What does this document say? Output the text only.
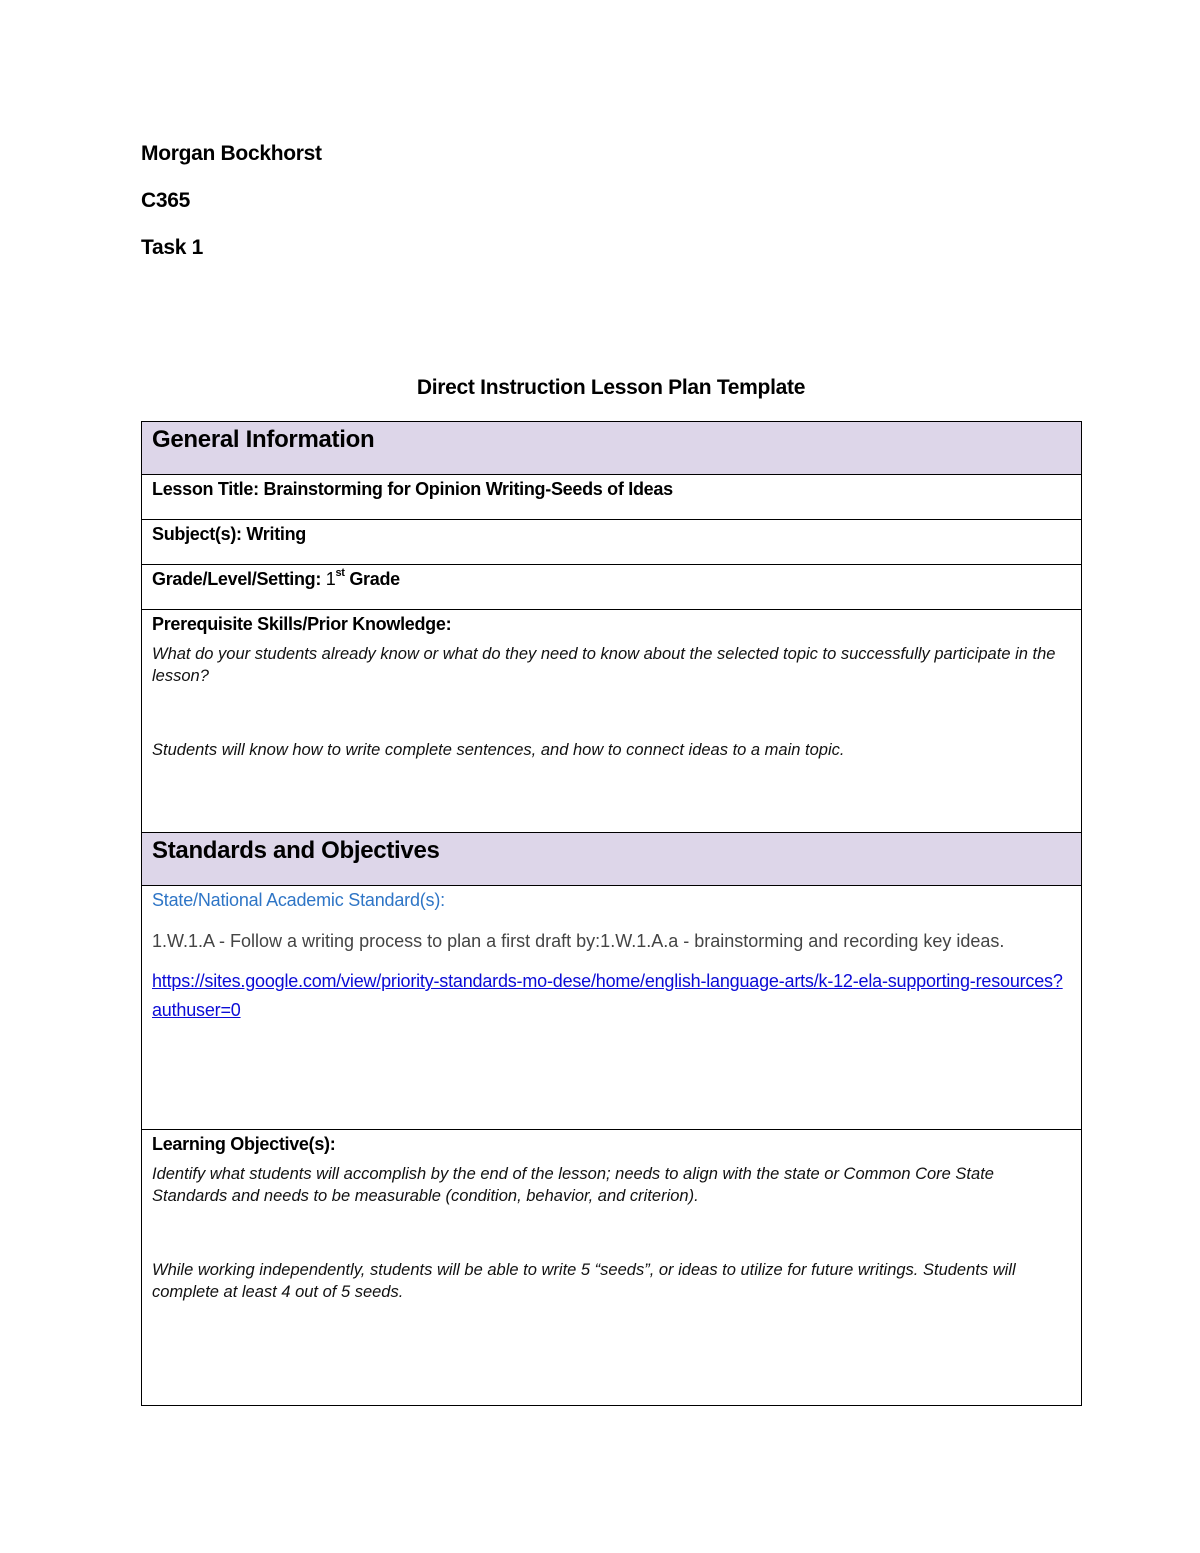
Morgan Bockhorst
C365
Task 1
Direct Instruction Lesson Plan Template
General Information

Lesson Title: Brainstorming for Opinion Writing-Seeds of Ideas

Subject(s): Writing

Grade/Level/Setting: 1st Grade

Prerequisite Skills/Prior Knowledge:
What do your students already know or what do they need to know about the selected topic to successfully participate in the lesson?
Students will know how to write complete sentences, and how to connect ideas to a main topic.

Standards and Objectives

State/National Academic Standard(s):
1.W.1.A - Follow a writing process to plan a first draft by:1.W.1.A.a - brainstorming and recording key ideas.
https://sites.google.com/view/priority-standards-mo-dese/home/english-language-arts/k-12-ela-supporting-resources?authuser=0

Learning Objective(s):
Identify what students will accomplish by the end of the lesson; needs to align with the state or Common Core State Standards and needs to be measurable (condition, behavior, and criterion).
While working independently, students will be able to write 5 “seeds”, or ideas to utilize for future writings. Students will complete at least 4 out of 5 seeds.
